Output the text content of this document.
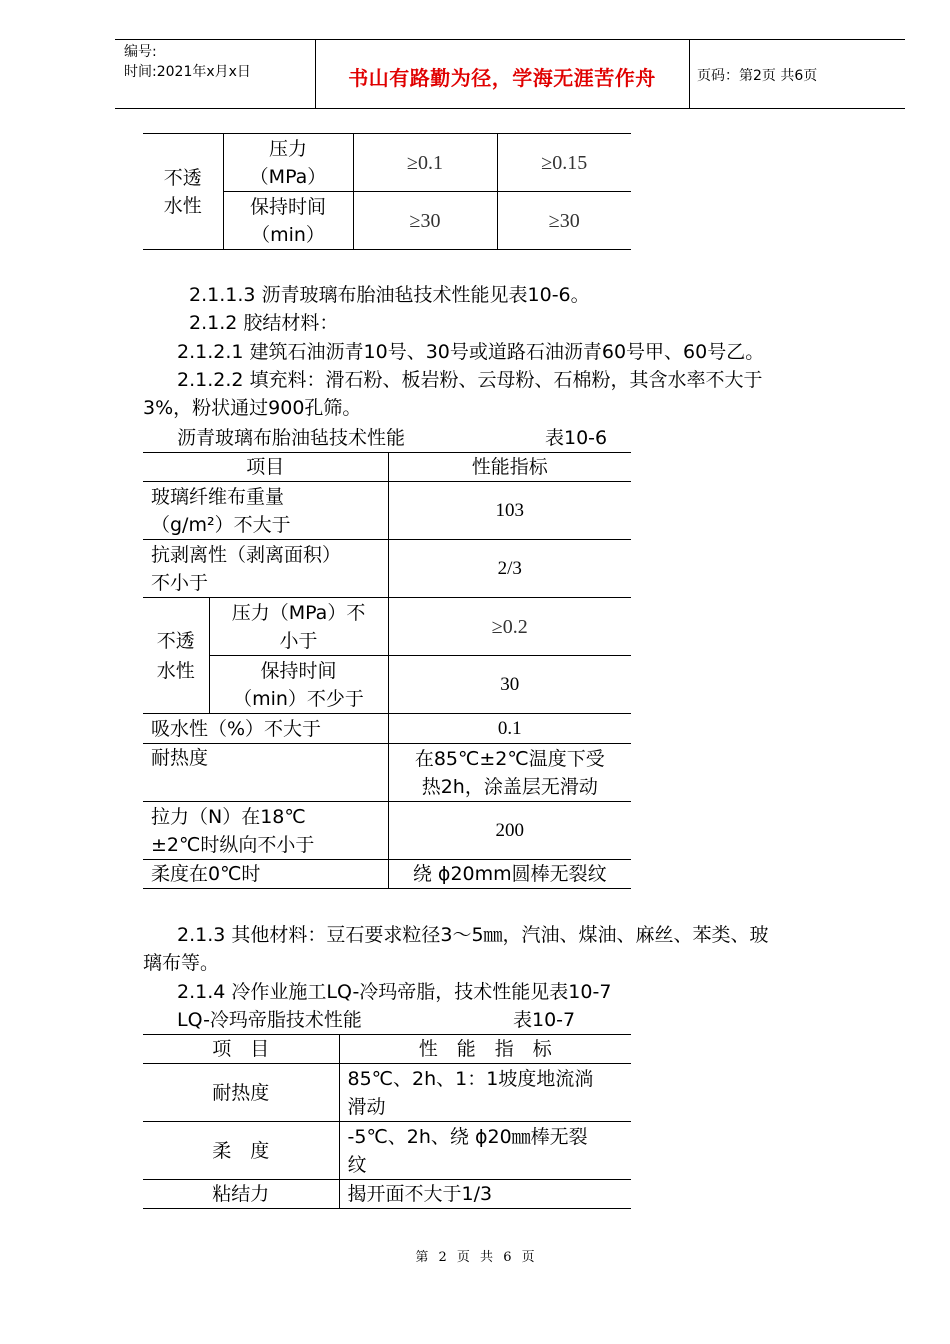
编号:
时间:2021年x月x日	书山有路勤为径，学海无涯苦作舟	页码：第2页 共6页
不透水性	压力（MPa）	≥0.1	≥0.15
	保持时间（min）	≥30	≥30
2.1.1.3 沥青玻璃布胎油毡技术性能见表10-6。
2.1.2 胶结材料：
2.1.2.1 建筑石油沥青10号、30号或道路石油沥青60号甲、60号乙。
2.1.2.2 填充料：滑石粉、板岩粉、云母粉、石棉粉，其含水率不大于
3%，粉状通过900孔筛。
沥青玻璃布胎油毡技术性能	表10-6
项目		性能指标

玻璃纤维布重量
（g/m²）不大于		103

抗剥离性（剥离面积）
不小于		2/3
不透水性	压力（MPa）不
小于	≥0.2

	保持时间
（min）不少于	30
吸水性（%）不大于		0.1
耐热度		在85℃±2℃温度下受
热2h，涂盖层无滑动

拉力（N）在18℃
±2℃时纵向不小于		200
柔度在0℃时		绕 ϕ20mm圆棒无裂纹
2.1.3 其他材料：豆石要求粒径3～5㎜，汽油、煤油、麻丝、苯类、玻
璃布等。
2.1.4 冷作业施工LQ-冷玛帝脂，技术性能见表10-7
LQ-冷玛帝脂技术性能	表10-7
项　目	性　能　指　标
耐热度	85℃、2h、1：1坡度地流淌
滑动

柔　度	-5℃、2h、绕 ϕ20㎜棒无裂
纹

粘结力	揭开面不大于1/3
第 2 页 共 6 页
